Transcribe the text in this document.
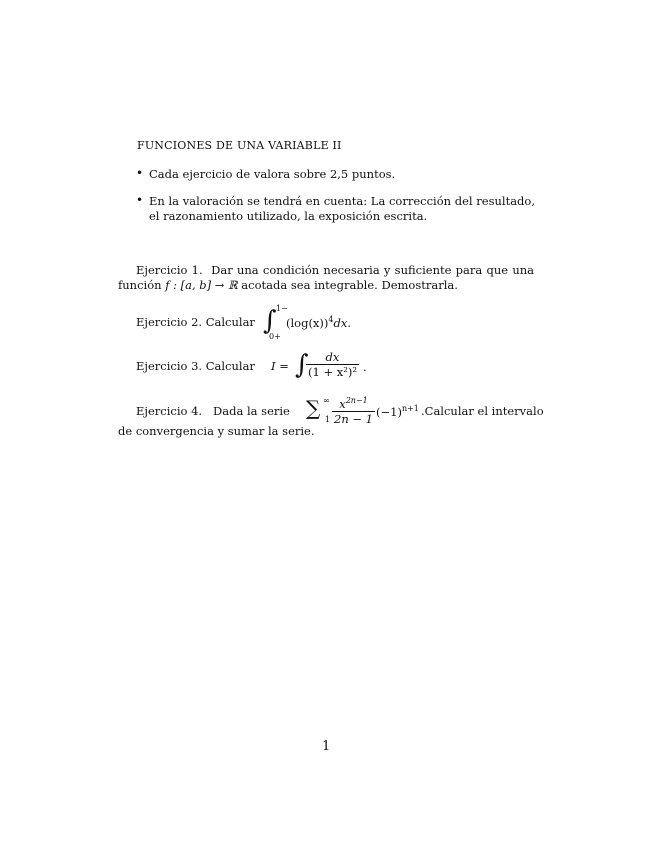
FUNCIONES DE UNA VARIABLE II
• Cada ejercicio de valora sobre 2,5 puntos.
• En la valoración se tendrá en cuenta: La corrección del resultado, el razonamiento utilizado, la exposición escrita.
Ejercicio 1. Dar una condición necesaria y suficiente para que una
función f : [a, b] → ℝ acotada sea integrable. Demostrarla.
Ejercicio 2. Calcular ∫ 1−
0+
$(\log(x))^4dx$.
Ejercicio 3. Calcular I = ∫
$\frac{dx}{\text{(1 + x²)²}}$ .
Ejercicio 4. Dada la serie ∑ ∞
$1 \frac{x^{2n-1}}{2n - 1} (-1)^{n+1}$ .Calcular el intervalo
de convergencia y sumar la serie.
1
